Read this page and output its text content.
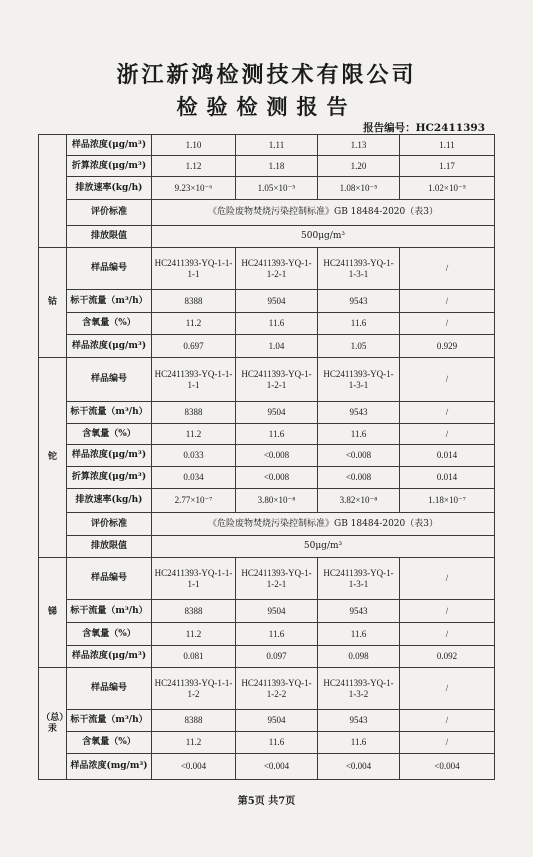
浙江新鸿检测技术有限公司
检验检测报告
报告编号：HC2411393
	样品浓度(μg/m³)	1.10	1.11	1.13	1.11
	折算浓度(μg/m³)	1.12	1.18	1.20	1.17
	排放速率(kg/h)	9.23×10⁻⁶	1.05×10⁻⁵	1.08×10⁻⁵	1.02×10⁻⁵
	评价标准	《危险废物焚烧污染控制标准》GB 18484-2020（表3）			
	排放限值	500μg/m³			
钴	样品编号	HC2411393-YQ-1-1-1-1	HC2411393-YQ-1-1-2-1	HC2411393-YQ-1-1-3-1	/
	标干流量（m³/h）	8388	9504	9543	/
	含氧量（%）	11.2	11.6	11.6	/
	样品浓度(μg/m³)	0.697	1.04	1.05	0.929
铊	样品编号	HC2411393-YQ-1-1-1-1	HC2411393-YQ-1-1-2-1	HC2411393-YQ-1-1-3-1	/
	标干流量（m³/h）	8388	9504	9543	/
	含氧量（%）	11.2	11.6	11.6	/
	样品浓度(μg/m³)	0.033	<0.008	<0.008	0.014
	折算浓度(μg/m³)	0.034	<0.008	<0.008	0.014
	排放速率(kg/h)	2.77×10⁻⁷	3.80×10⁻⁸	3.82×10⁻⁸	1.18×10⁻⁷
	评价标准	《危险废物焚烧污染控制标准》GB 18484-2020（表3）			
	排放限值	50μg/m³			
锑	样品编号	HC2411393-YQ-1-1-1-1	HC2411393-YQ-1-1-2-1	HC2411393-YQ-1-1-3-1	/
	标干流量（m³/h）	8388	9504	9543	/
	含氧量（%）	11.2	11.6	11.6	/
	样品浓度(μg/m³)	0.081	0.097	0.098	0.092
（总）汞	样品编号	HC2411393-YQ-1-1-1-2	HC2411393-YQ-1-1-2-2	HC2411393-YQ-1-1-3-2	/
	标干流量（m³/h）	8388	9504	9543	/
	含氧量（%）	11.2	11.6	11.6	/
	样品浓度(mg/m³)	<0.004	<0.004	<0.004	<0.004
第5页 共7页
